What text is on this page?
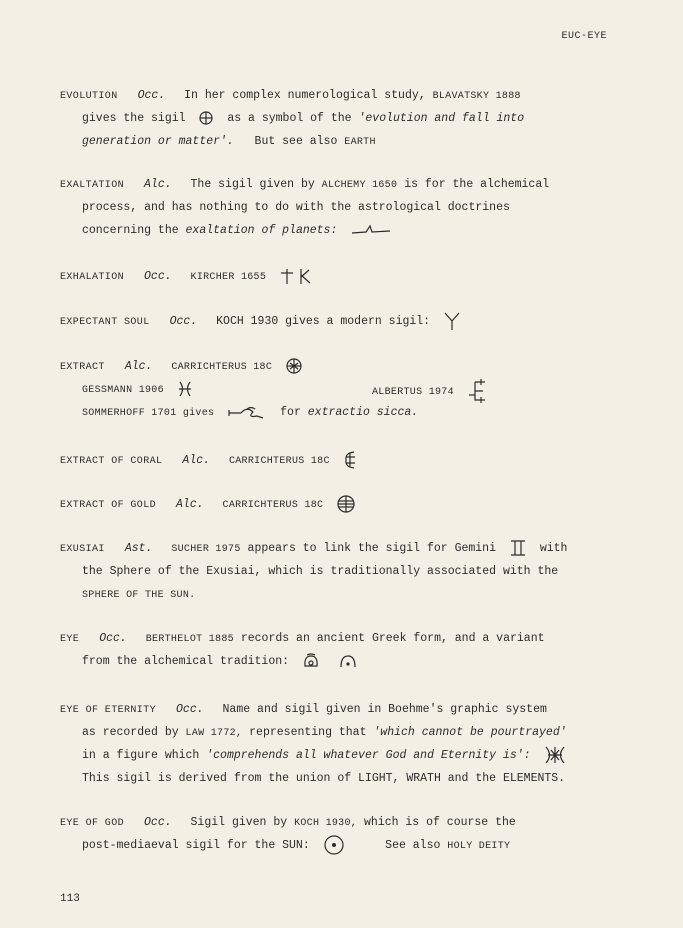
EUC-EYE
EVOLUTION Occ. In her complex numerological study, BLAVATSKY 1888
gives the sigil	as a symbol of the 'evolution and fall into
generation or matter'. But see also EARTH
EXALTATION Alc. The sigil given by ALCHEMY 1650 is for the alchemical
process, and has nothing to do with the astrological doctrines
concerning the exaltation of planets:
EXHALATION Occ. KIRCHER 1655
EXPECTANT SOUL Occ. KOCH 1930 gives a modern sigil:
EXTRACT Alc. CARRICHTERUS 18C
GESSMANN 1906
SOMMERHOFF 1701 gives	for extractio sicca.
ALBERTUS 1974
EXTRACT OF CORAL Alc. CARRICHTERUS 18C
EXTRACT OF GOLD Alc. CARRICHTERUS 18C
EXUSIAI Ast. SUCHER 1975 appears to link the sigil for Gemini	with
the Sphere of the Exusiai, which is traditionally associated with the
SPHERE OF THE SUN.
EYE Occ. BERTHELOT 1885 records an ancient Greek form, and a variant
from the alchemical tradition:

EYE OF ETERNITY Occ. Name and sigil given in Boehme's graphic system
as recorded by LAW 1772, representing that 'which cannot be pourtrayed'
in a figure which 'comprehends all whatever God and Eternity is':
This sigil is derived from the union of LIGHT, WRATH and the ELEMENTS.
EYE OF GOD Occ. Sigil given by KOCH 1930, which is of course the
post-mediaeval sigil for the SUN:	See also HOLY DEITY
113
